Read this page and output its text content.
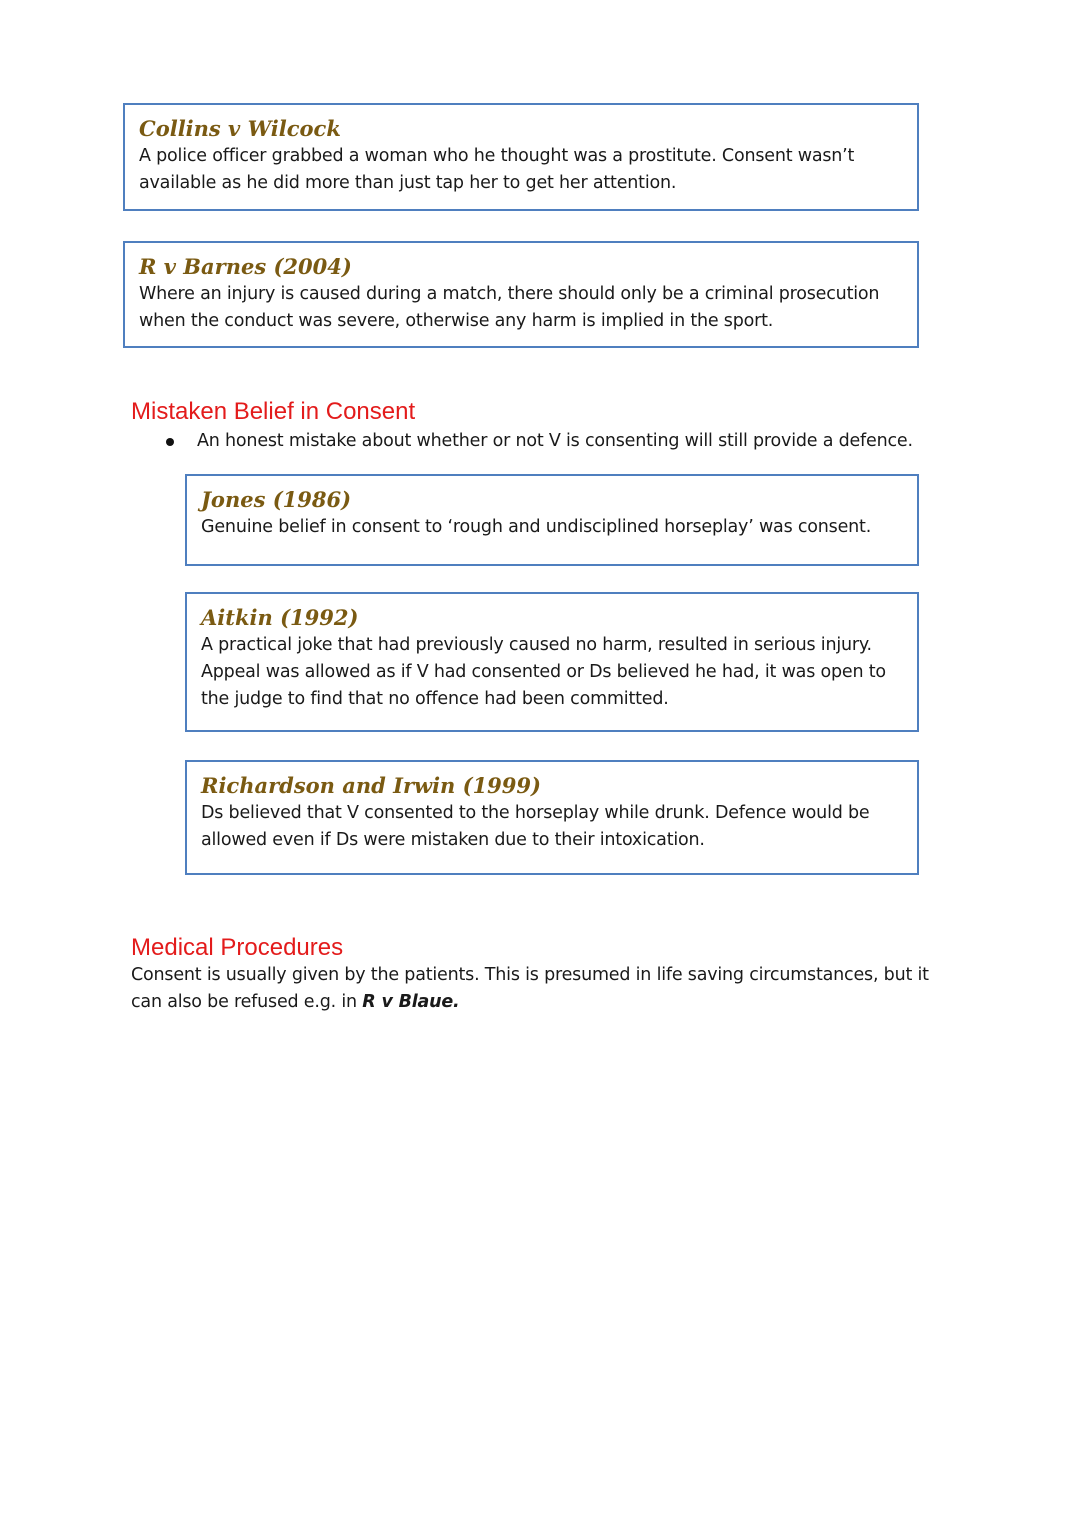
Collins v Wilcock
A police officer grabbed a woman who he thought was a prostitute. Consent wasn’t available as he did more than just tap her to get her attention.
R v Barnes (2004)
Where an injury is caused during a match, there should only be a criminal prosecution when the conduct was severe, otherwise any harm is implied in the sport.
Mistaken Belief in Consent
An honest mistake about whether or not V is consenting will still provide a defence.
Jones (1986)
Genuine belief in consent to ‘rough and undisciplined horseplay’ was consent.
Aitkin (1992)
A practical joke that had previously caused no harm, resulted in serious injury. Appeal was allowed as if V had consented or Ds believed he had, it was open to the judge to find that no offence had been committed.
Richardson and Irwin (1999)
Ds believed that V consented to the horseplay while drunk. Defence would be allowed even if Ds were mistaken due to their intoxication.
Medical Procedures
Consent is usually given by the patients. This is presumed in life saving circumstances, but it can also be refused e.g. in R v Blaue.
